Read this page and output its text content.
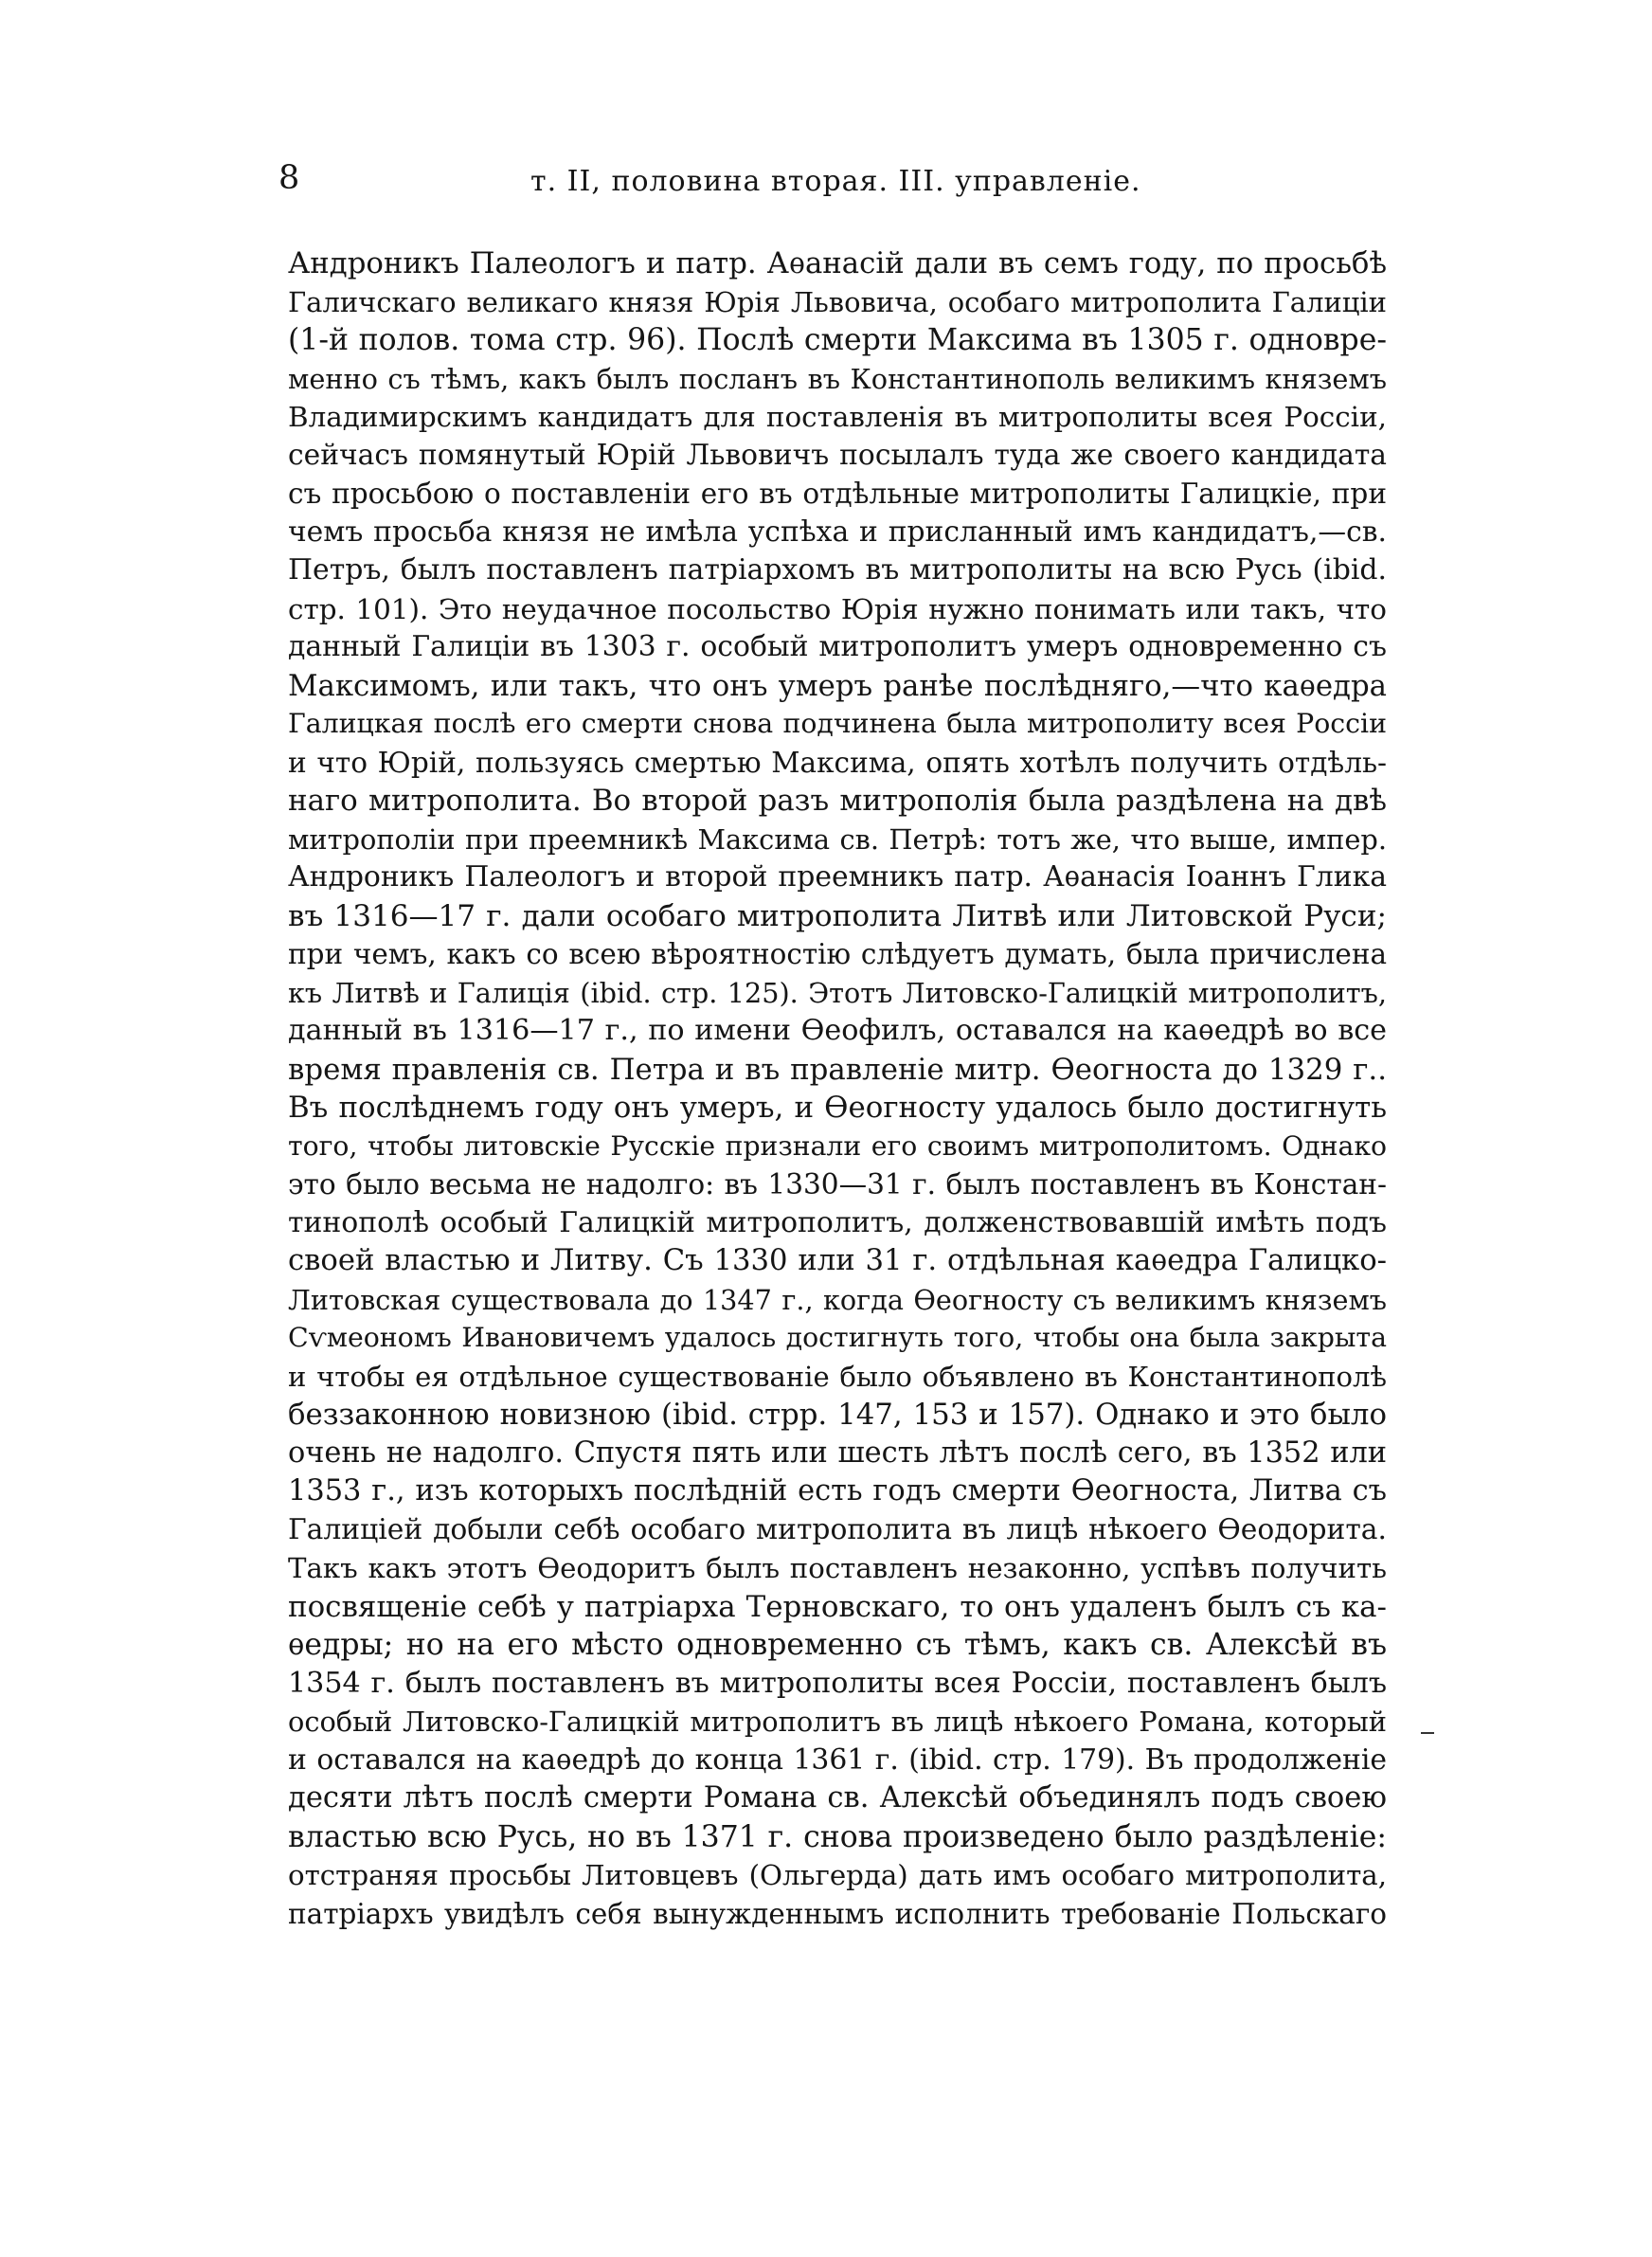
8	т. II, половина вторая. III. управленіе.
Андроникъ Палеологъ и патр. Аѳанасій дали въ семъ году, по просьбѣ
Галичскаго великаго князя Юрія Львовича, особаго митрополита Галиціи
(1-й полов. тома стр. 96). Послѣ смерти Максима въ 1305 г. одновре-
менно съ тѣмъ, какъ былъ посланъ въ Константинополь великимъ княземъ
Владимирскимъ кандидатъ для поставленія въ митрополиты всея Россіи,
сейчасъ помянутый Юрій Львовичъ посылалъ туда же своего кандидата
съ просьбою о поставленіи его въ отдѣльные митрополиты Галицкіе, при
чемъ просьба князя не имѣла успѣха и присланный имъ кандидатъ,—св.
Петръ, былъ поставленъ патріархомъ въ митрополиты на всю Русь (ibid.
стр. 101). Это неудачное посольство Юрія нужно понимать или такъ, что
данный Галиціи въ 1303 г. особый митрополитъ умеръ одновременно съ
Максимомъ, или такъ, что онъ умеръ ранѣе послѣдняго,—что каѳедра
Галицкая послѣ его смерти снова подчинена была митрополиту всея Россіи
и что Юрій, пользуясь смертью Максима, опять хотѣлъ получить отдѣль-
наго митрополита. Во второй разъ митрополія была раздѣлена на двѣ
митрополіи при преемникѣ Максима св. Петрѣ: тотъ же, что выше, импер.
Андроникъ Палеологъ и второй преемникъ патр. Аѳанасія Іоаннъ Глика
въ 1316—17 г. дали особаго митрополита Литвѣ или Литовской Руси;
при чемъ, какъ со всею вѣроятностію слѣдуетъ думать, была причислена
къ Литвѣ и Галиція (ibid. стр. 125). Этотъ Литовско-Галицкій митрополитъ,
данный въ 1316—17 г., по имени Ѳеофилъ, оставался на каѳедрѣ во все
время правленія св. Петра и въ правленіе митр. Ѳеогноста до 1329 г..
Въ послѣднемъ году онъ умеръ, и Ѳеогносту удалось было достигнуть
того, чтобы литовскіе Русскіе признали его своимъ митрополитомъ. Однако
это было весьма не надолго: въ 1330—31 г. былъ поставленъ въ Констан-
тинополѣ особый Галицкій митрополитъ, долженствовавшій имѣть подъ
своей властью и Литву. Съ 1330 или 31 г. отдѣльная каѳедра Галицко-
Литовская существовала до 1347 г., когда Ѳеогносту съ великимъ княземъ
Сѵмеономъ Ивановичемъ удалось достигнуть того, чтобы она была закрыта
и чтобы ея отдѣльное существованіе было объявлено въ Константинополѣ
беззаконною новизною (ibid. стрр. 147, 153 и 157). Однако и это было
очень не надолго. Спустя пять или шесть лѣтъ послѣ сего, въ 1352 или
1353 г., изъ которыхъ послѣдній есть годъ смерти Ѳеогноста, Литва съ
Галиціей добыли себѣ особаго митрополита въ лицѣ нѣкоего Ѳеодорита.
Такъ какъ этотъ Ѳеодоритъ былъ поставленъ незаконно, успѣвъ получить
посвященіе себѣ у патріарха Терновскаго, то онъ удаленъ былъ съ ка-
ѳедры; но на его мѣсто одновременно съ тѣмъ, какъ св. Алексѣй въ
1354 г. былъ поставленъ въ митрополиты всея Россіи, поставленъ былъ
особый Литовско-Галицкій митрополитъ въ лицѣ нѣкоего Романа, который
и оставался на каѳедрѣ до конца 1361 г. (ibid. стр. 179). Въ продолженіе
десяти лѣтъ послѣ смерти Романа св. Алексѣй объединялъ подъ своею
властью всю Русь, но въ 1371 г. снова произведено было раздѣленіе:
отстраняя просьбы Литовцевъ (Ольгерда) дать имъ особаго митрополита,
патріархъ увидѣлъ себя вынужденнымъ исполнить требованіе Польскаго
